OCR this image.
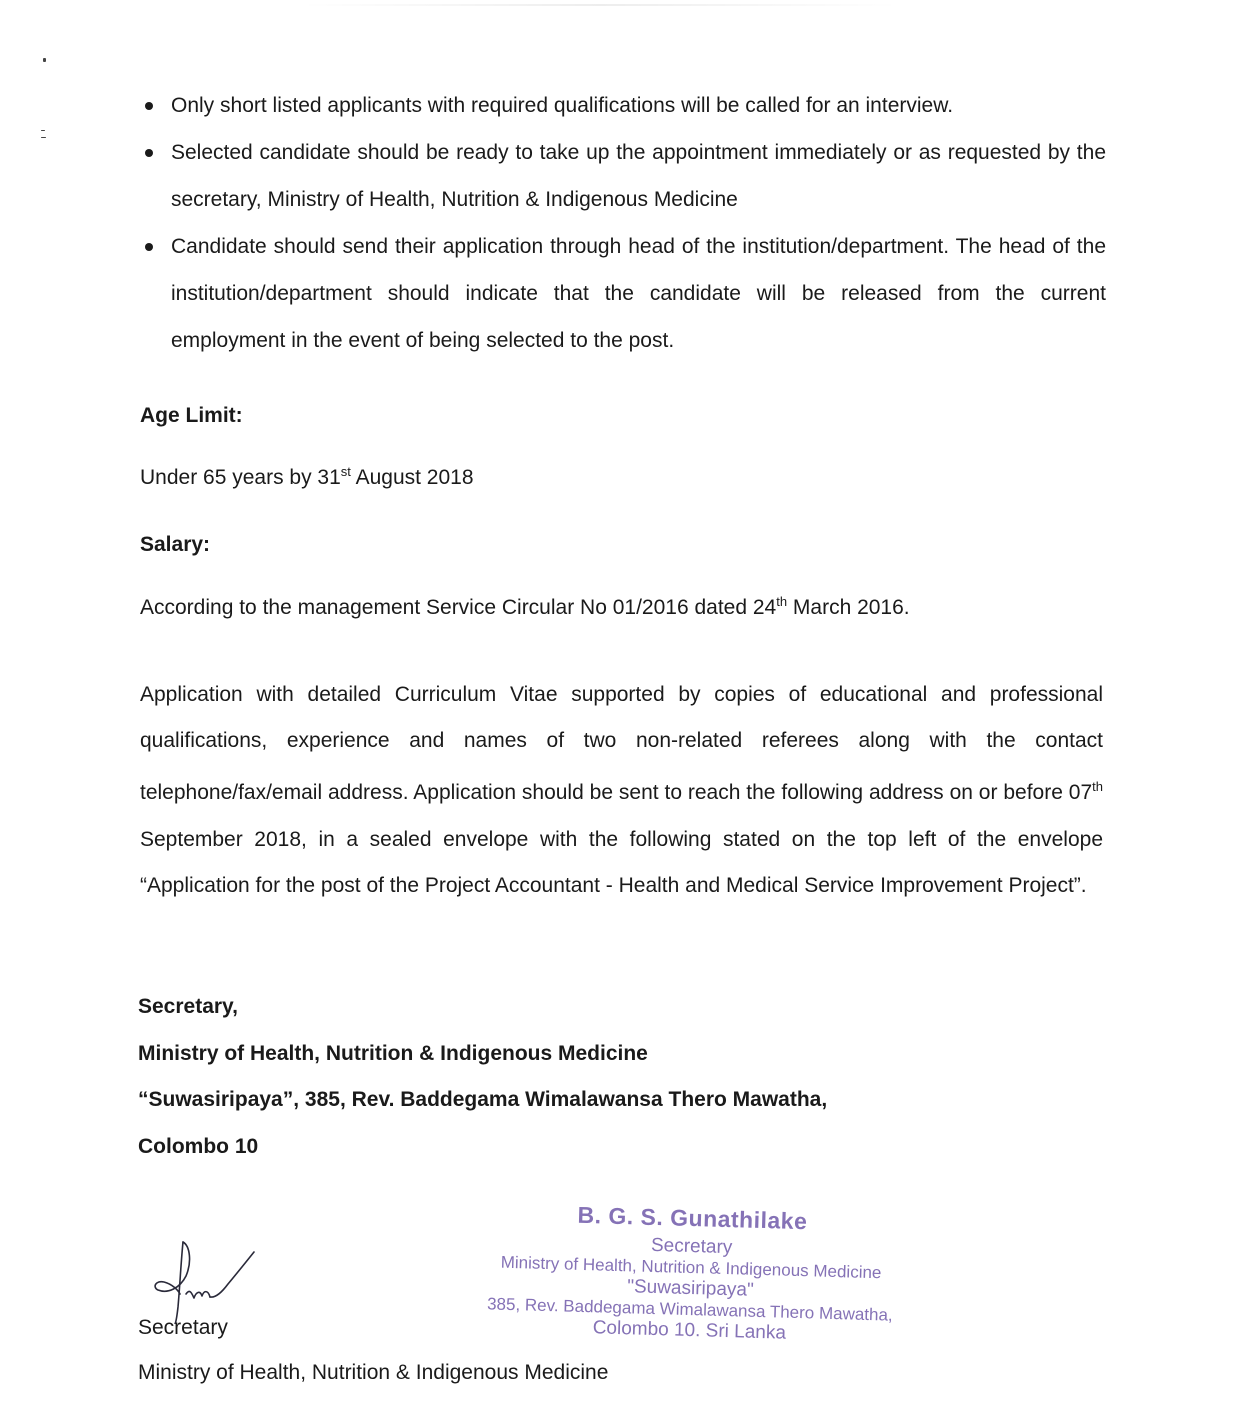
Only short listed applicants with required qualifications will be called for an interview.
Selected candidate should be ready to take up the appointment immediately or as requested by the secretary, Ministry of Health, Nutrition & Indigenous Medicine
Candidate should send their application through head of the institution/department. The head of the institution/department should indicate that the candidate will be released from the current employment in the event of being selected to the post.

Age Limit:

Under 65 years by 31st August 2018

Salary:

According to the management Service Circular No 01/2016 dated 24th March 2016.

Application with detailed Curriculum Vitae supported by copies of educational and professional qualifications, experience and names of two non-related referees along with the contact telephone/fax/email address. Application should be sent to reach the following address on or before 07th September 2018, in a sealed envelope with the following stated on the top left of the envelope “Application for the post of the Project Accountant - Health and Medical Service Improvement Project”.

Secretary,
Ministry of Health, Nutrition & Indigenous Medicine
“Suwasiripaya”, 385, Rev. Baddegama Wimalawansa Thero Mawatha,
Colombo 10

Secretary

Ministry of Health, Nutrition & Indigenous Medicine

B. G. S. Gunathilake
Secretary
Ministry of Health, Nutrition & Indigenous Medicine
"Suwasiripaya"
385, Rev. Baddegama Wimalawansa Thero Mawatha,
Colombo 10. Sri Lanka
